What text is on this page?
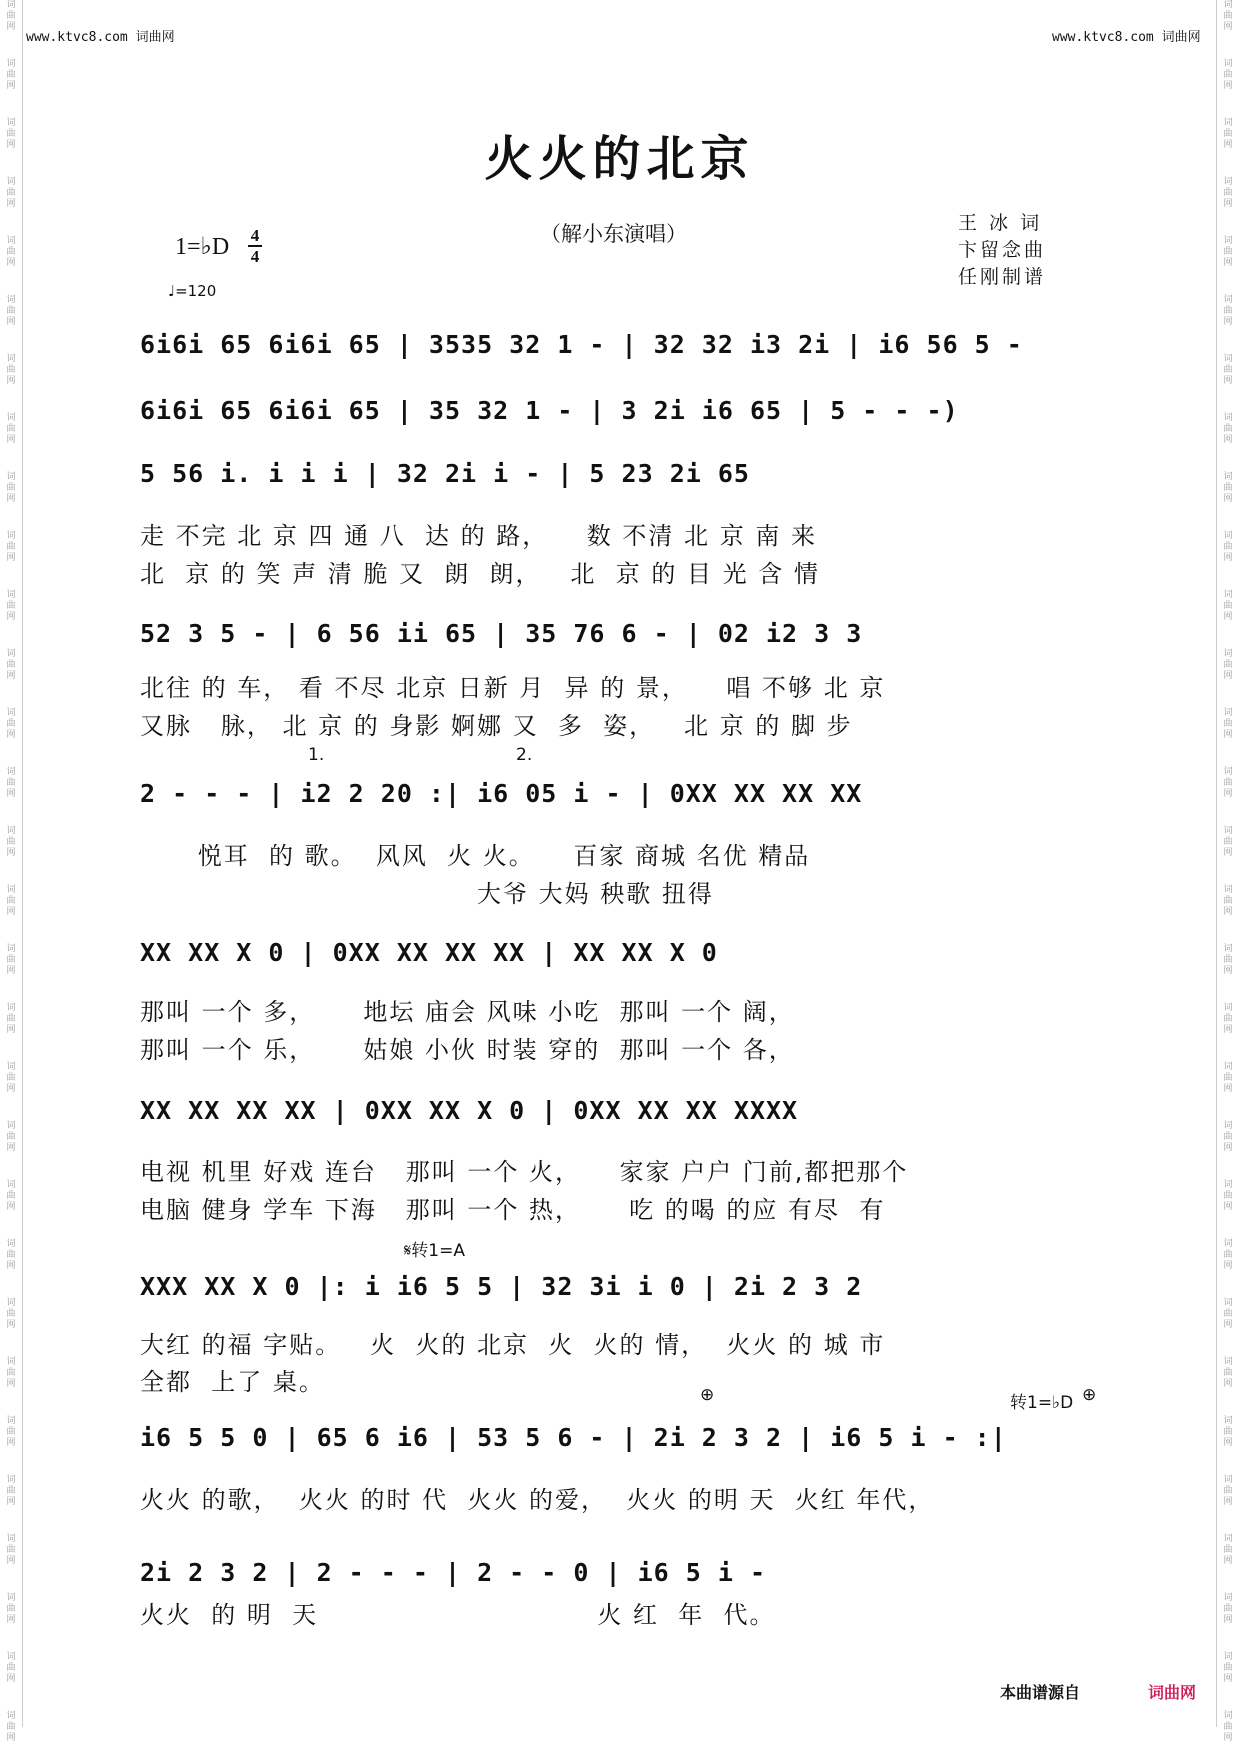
词
曲
网
词
曲
网
词
曲
网
词
曲
网
词
曲
网
词
曲
网
词
曲
网
词
曲
网
词
曲
网
词
曲
网
词
曲
网
词
曲
网
词
曲
网
词
曲
网
词
曲
网
词
曲
网
词
曲
网
词
曲
网
词
曲
网
词
曲
网
词
曲
网
词
曲
网
词
曲
网
词
曲
网
词
曲
网
词
曲
网
词
曲
网
词
曲
网
词
曲
网
词
曲
网
词
曲
网
词
曲
网
词
曲
网
词
曲
网
词
曲
网
词
曲
网
词
曲
网
词
曲
网
词
曲
网
词
曲
网
词
曲
网
词
曲
网
词
曲
网
词
曲
网
词
曲
网
词
曲
网
词
曲
网
词
曲
网
词
曲
网
词
曲
网
词
曲
网
词
曲
网
词
曲
网
词
曲
网
词
曲
网
词
曲
网
词
曲
网
词
曲
网
词
曲
网
词
曲
网
www.ktvc8.com 词曲网	www.ktvc8.com 词曲网
火火的北京
（解小东演唱）
1=♭D 4
4
♩=120
王 冰 词
卞留念曲
任刚制谱
6i6i 65 6i6i 65 | 3535 32 1 - | 32 32 i3 2i | i6 56 5 -
6i6i 65 6i6i 65 | 35 32 1 - | 3 2i i6 65 | 5 - - -)
5 56 i. i i i | 32 2i i - | 5 23 2i 65
52 3 5 - | 6 56 ii 65 | 35 76 6 - | 02 i2 3 3
2 - - - | i2 2 20 :| i6 05 i - | 0XX XX XX XX
XX XX X 0 | 0XX XX XX XX | XX XX X 0
XX XX XX XX | 0XX XX X 0 | 0XX XX XX XXXX
XXX XX X 0 |: i i6 5 5 | 32 3i i 0 | 2i 2 3 2
i6 5 5 0 | 65 6 i6 | 53 5 6 - | 2i 2 3 2 | i6 5 i - :|
2i 2 3 2 | 2 - - - | 2 - - 0 | i6 5 i -
𝄋转1=A
1.	2.
⊕	转1=♭D ⊕
走 不完 北 京 四 通 八  达 的 路，    数 不清 北 京 南 来
北  京 的 笑 声 清 脆 又  朗  朗，   北  京 的 目 光 含 情
北往 的 车， 看 不尽 北京 日新 月  异 的 景，    唱 不够 北 京
又脉   脉， 北 京 的 身影 婀娜 又  多  姿，   北 京 的 脚 步
悦耳  的 歌。  风风  火 火。    百家 商城 名优 精品
大爷 大妈 秧歌 扭得
那叫 一个 多，     地坛 庙会 风味 小吃  那叫 一个 阔，
那叫 一个 乐，     姑娘 小伙 时装 穿的  那叫 一个 各，
电视 机里 好戏 连台   那叫 一个 火，    家家 户户 门前,都把那个
电脑 健身 学车 下海   那叫 一个 热，     吃 的喝 的应 有尽  有
大红 的福 字贴。   火  火的 北京  火  火的 情，  火火 的 城 市
全都  上了 桌。
火火 的歌，  火火 的时 代  火火 的爱，  火火 的明 天  火红 年代，
火火  的 明  天                             火 红  年  代。
本曲谱源自	词曲网
